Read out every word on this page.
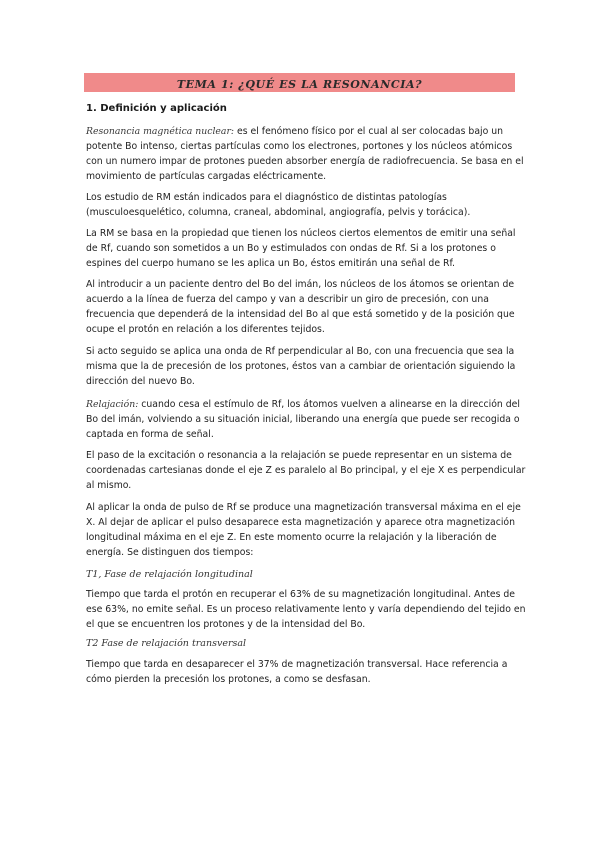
TEMA 1: ¿QUÉ ES LA RESONANCIA?
1. Definición y aplicación

Resonancia magnética nuclear: es el fenómeno físico por el cual al ser colocadas bajo un potente Bo intenso, ciertas partículas como los electrones, portones y los núcleos atómicos con un numero impar de protones pueden absorber energía de radiofrecuencia. Se basa en el movimiento de partículas cargadas eléctricamente.

Los estudio de RM están indicados para el diagnóstico de distintas patologías (musculoesquelético, columna, craneal, abdominal, angiografía, pelvis y torácica).

La RM se basa en la propiedad que tienen los núcleos ciertos elementos de emitir una señal de Rf, cuando son sometidos a un Bo y estimulados con ondas de Rf. Si a los protones o espines del cuerpo humano se les aplica un Bo, éstos emitirán una señal de Rf.

Al introducir a un paciente dentro del Bo del imán, los núcleos de los átomos se orientan de acuerdo a la línea de fuerza del campo y van a describir un giro de precesión, con una frecuencia que dependerá de la intensidad del Bo al que está sometido y de la posición que ocupe el protón en relación a los diferentes tejidos.

Si acto seguido se aplica una onda de Rf perpendicular al Bo, con una frecuencia que sea la misma que la de precesión de los protones, éstos van a cambiar de orientación siguiendo la dirección del nuevo Bo.

Relajación: cuando cesa el estímulo de Rf, los átomos vuelven a alinearse en la dirección del Bo del imán, volviendo a su situación inicial, liberando una energía que puede ser recogida o captada en forma de señal.

El paso de la excitación o resonancia a la relajación se puede representar en un sistema de coordenadas cartesianas donde el eje Z es paralelo al Bo principal, y el eje X es perpendicular al mismo.

Al aplicar la onda de pulso de Rf se produce una magnetización transversal máxima en el eje X. Al dejar de aplicar el pulso desaparece esta magnetización y aparece otra magnetización longitudinal máxima en el eje Z. En este momento ocurre la relajación y la liberación de energía. Se distinguen dos tiempos:

T1, Fase de relajación longitudinal

Tiempo que tarda el protón en recuperar el 63% de su magnetización longitudinal. Antes de ese 63%, no emite señal. Es un proceso relativamente lento y varía dependiendo del tejido en el que se encuentren los protones y de la intensidad del Bo.

T2 Fase de relajación transversal

Tiempo que tarda en desaparecer el 37% de magnetización transversal. Hace referencia a cómo pierden la precesión los protones, a como se desfasan.
